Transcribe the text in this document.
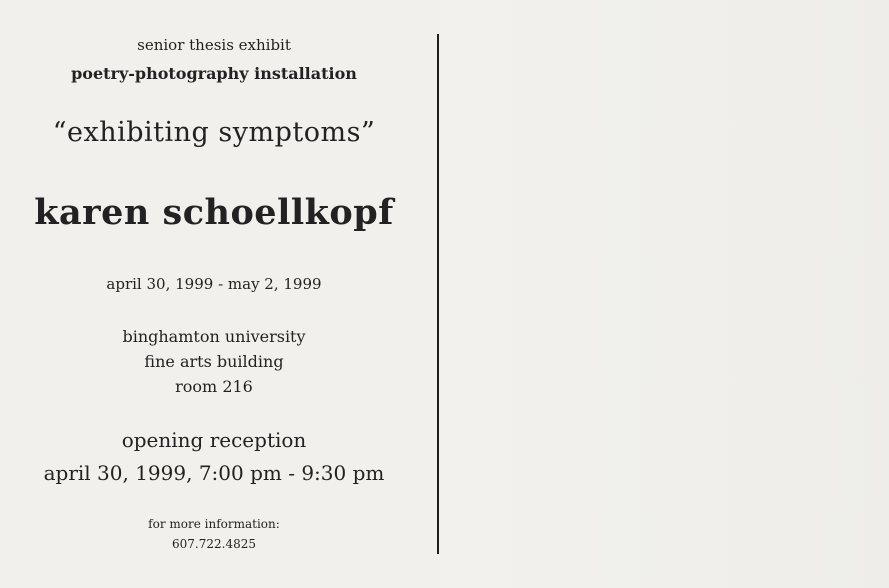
senior thesis exhibit
poetry-photography installation
“exhibiting symptoms”
karen schoellkopf
april 30, 1999 - may 2, 1999
binghamton university
fine arts building
room 216
opening reception
april 30, 1999, 7:00 pm - 9:30 pm
for more information:
607.722.4825
